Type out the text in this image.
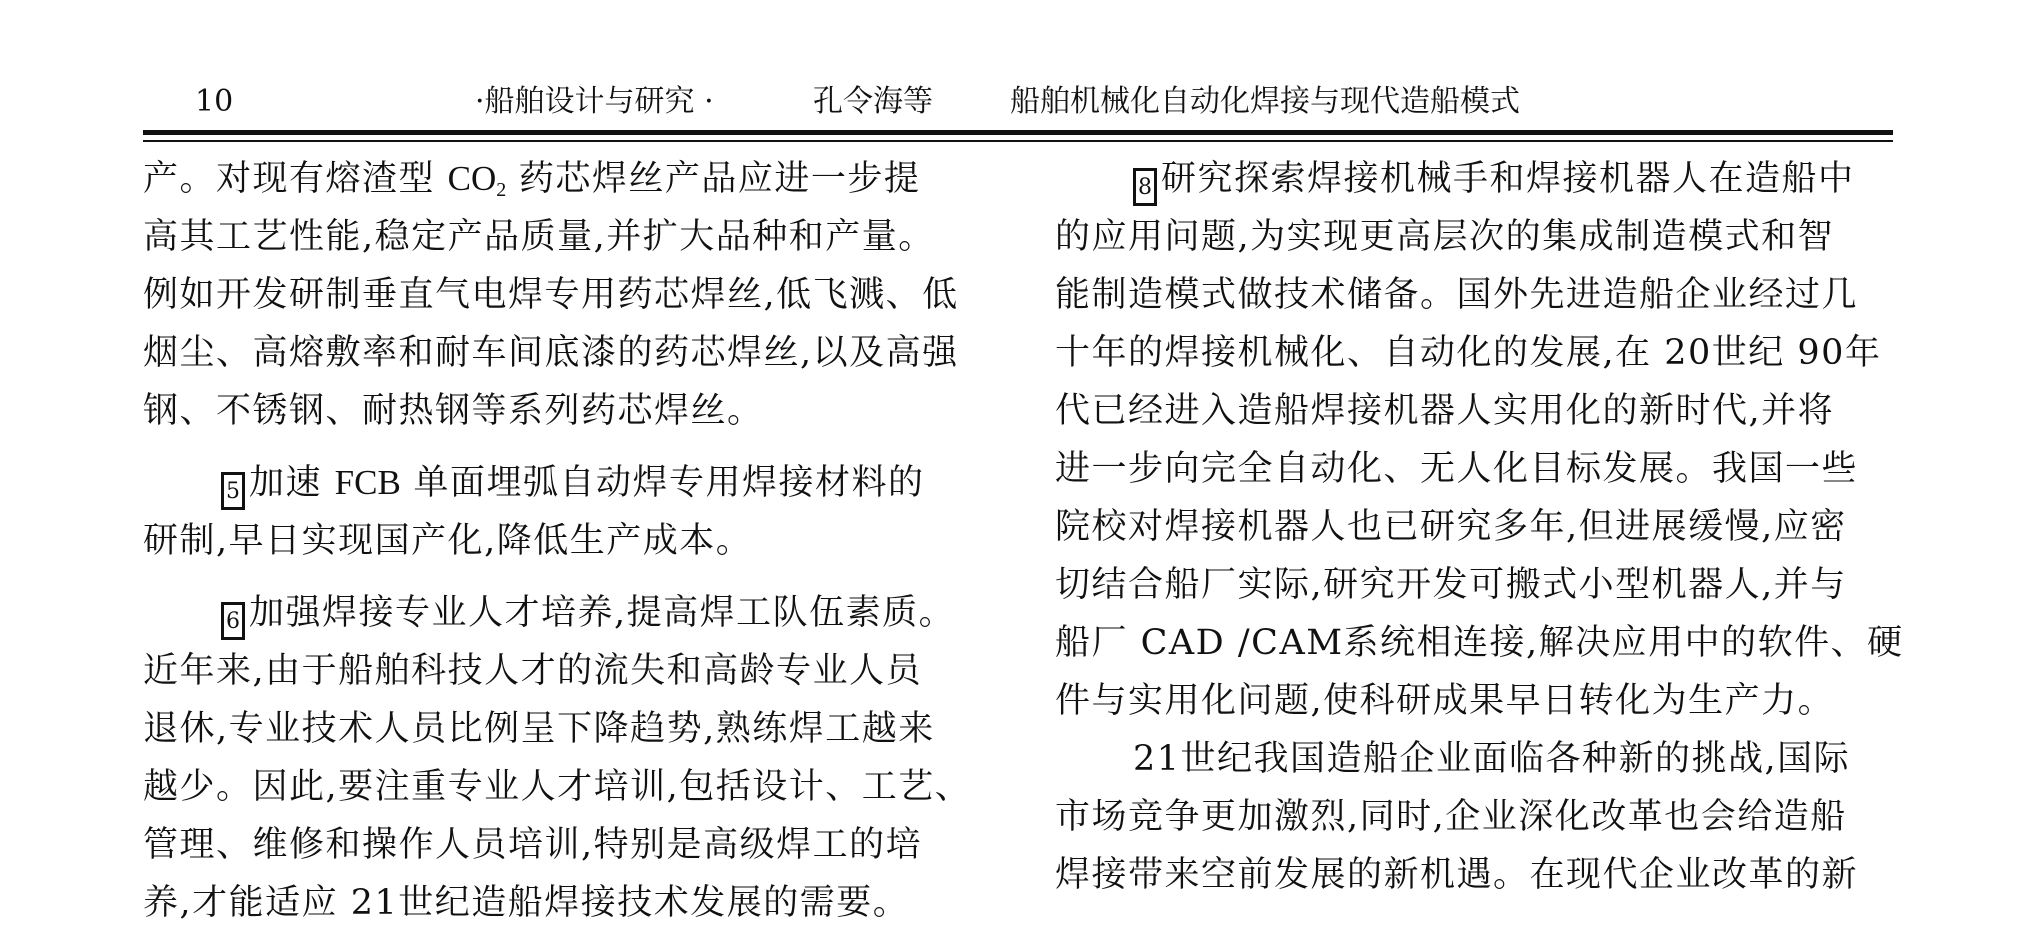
10	·船舶设计与研究 ·	孔令海等	船舶机械化自动化焊接与现代造船模式
产。对现有熔渣型 $CO_2$ 药芯焊丝产品应进一步提
高其工艺性能,稳定产品质量,并扩大品种和产量。
例如开发研制垂直气电焊专用药芯焊丝,低飞溅、低
烟尘、高熔敷率和耐车间底漆的药芯焊丝,以及高强
钢、不锈钢、耐热钢等系列药芯焊丝。
5 加速 FCB 单面埋弧自动焊专用焊接材料的
研制,早日实现国产化,降低生产成本。
6 加强焊接专业人才培养,提高焊工队伍素质。
近年来,由于船舶科技人才的流失和高龄专业人员
退休,专业技术人员比例呈下降趋势,熟练焊工越来
越少。因此,要注重专业人才培训,包括设计、工艺、
管理、维修和操作人员培训,特别是高级焊工的培
养,才能适应 21世纪造船焊接技术发展的需要。
8 研究探索焊接机械手和焊接机器人在造船中
的应用问题,为实现更高层次的集成制造模式和智
能制造模式做技术储备。国外先进造船企业经过几
十年的焊接机械化、自动化的发展,在 20世纪 90年
代已经进入造船焊接机器人实用化的新时代,并将
进一步向完全自动化、无人化目标发展。我国一些
院校对焊接机器人也已研究多年,但进展缓慢,应密
切结合船厂实际,研究开发可搬式小型机器人,并与
船厂 CAD /CAM系统相连接,解决应用中的软件、硬
件与实用化问题,使科研成果早日转化为生产力。
21世纪我国造船企业面临各种新的挑战,国际
市场竞争更加激烈,同时,企业深化改革也会给造船
焊接带来空前发展的新机遇。在现代企业改革的新
